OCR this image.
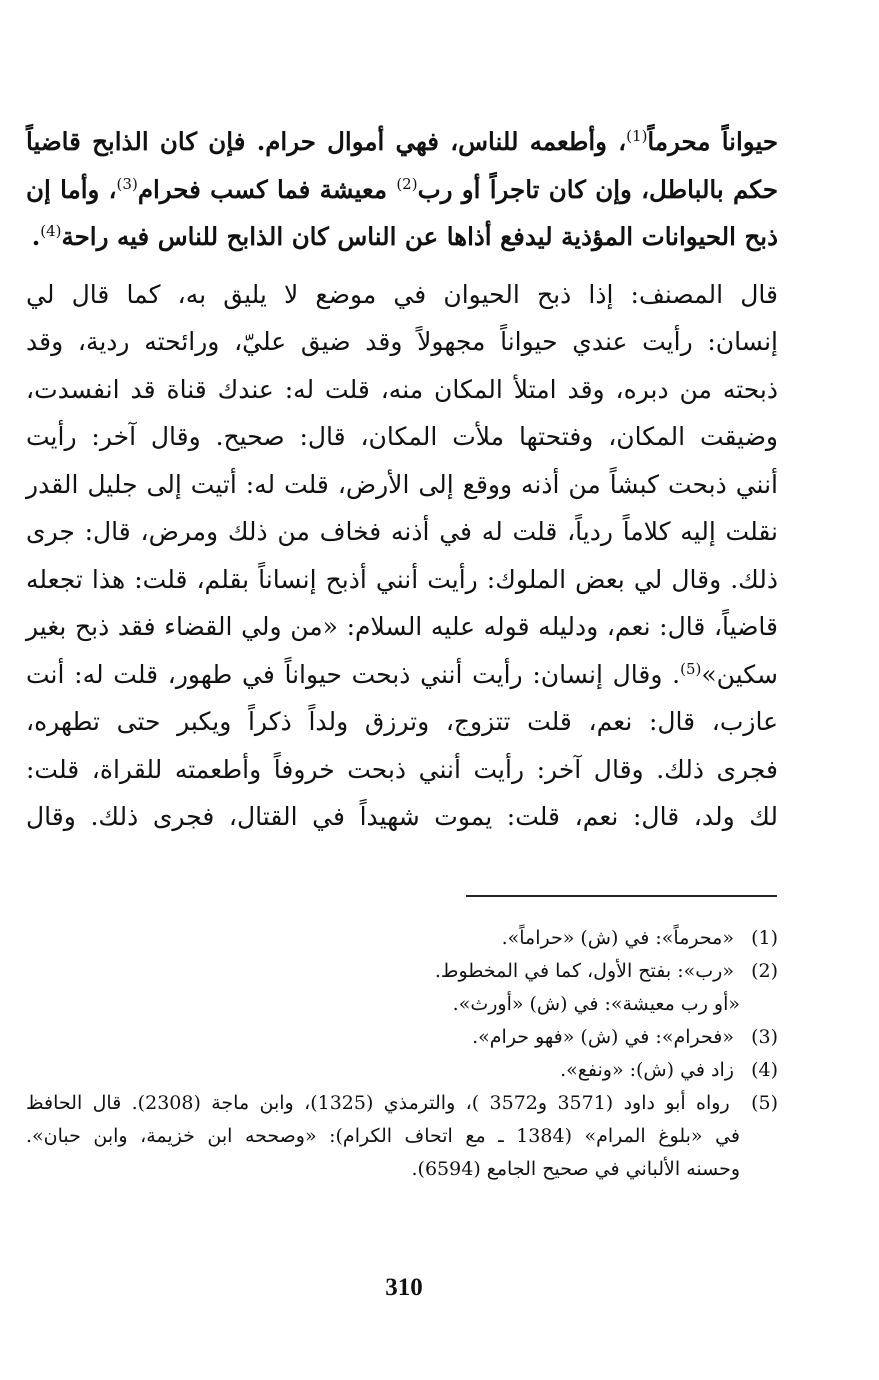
حيواناً محرماً$^{(1)}$، وأطعمه للناس، فهي أموال حرام. فإن كان الذابح قاضياً
حكم بالباطل، وإن كان تاجراً أو رب$^{(2)}$ معيشة فما كسب فحرام$^{(3)}$، وأما إن
ذبح الحيوانات المؤذية ليدفع أذاها عن الناس كان الذابح للناس فيه راحة$^{(4)}$.

قال المصنف: إذا ذبح الحيوان في موضع لا يليق به، كما قال لي
إنسان: رأيت عندي حيواناً مجهولاً وقد ضيق عليّ، ورائحته ردية، وقد
ذبحته من دبره، وقد امتلأ المكان منه، قلت له: عندك قناة قد انفسدت،
وضيقت المكان، وفتحتها ملأت المكان، قال: صحيح. وقال آخر: رأيت
أنني ذبحت كبشاً من أذنه ووقع إلى الأرض، قلت له: أتيت إلى جليل القدر
نقلت إليه كلاماً ردياً، قلت له في أذنه فخاف من ذلك ومرض، قال: جرى
ذلك. وقال لي بعض الملوك: رأيت أنني أذبح إنساناً بقلم، قلت: هذا تجعله
قاضياً، قال: نعم، ودليله قوله عليه السلام: «من ولي القضاء فقد ذبح بغير
سكين»$^{(5)}$. وقال إنسان: رأيت أنني ذبحت حيواناً في طهور، قلت له: أنت
عازب، قال: نعم، قلت تتزوج، وترزق ولداً ذكراً ويكبر حتى تطهره،
فجرى ذلك. وقال آخر: رأيت أنني ذبحت خروفاً وأطعمته للقراة، قلت:
لك ولد، قال: نعم، قلت: يموت شهيداً في القتال، فجرى ذلك. وقال

(1) «محرماً»: في (ش) «حراماً».

(2) «رب»: بفتح الأول، كما في المخطوط.

«أو رب معيشة»: في (ش) «أورث».

(3) «فحرام»: في (ش) «فهو حرام».

(4) زاد في (ش): «ونفع».

(5) رواه أبو داود (3571 و3572 )، والترمذي (1325)، وابن ماجة (2308). قال الحافظ

في «بلوغ المرام» (1384 ـ مع اتحاف الكرام): «وصححه ابن خزيمة، وابن حبان».

وحسنه الألباني في صحيح الجامع (6594).

310
